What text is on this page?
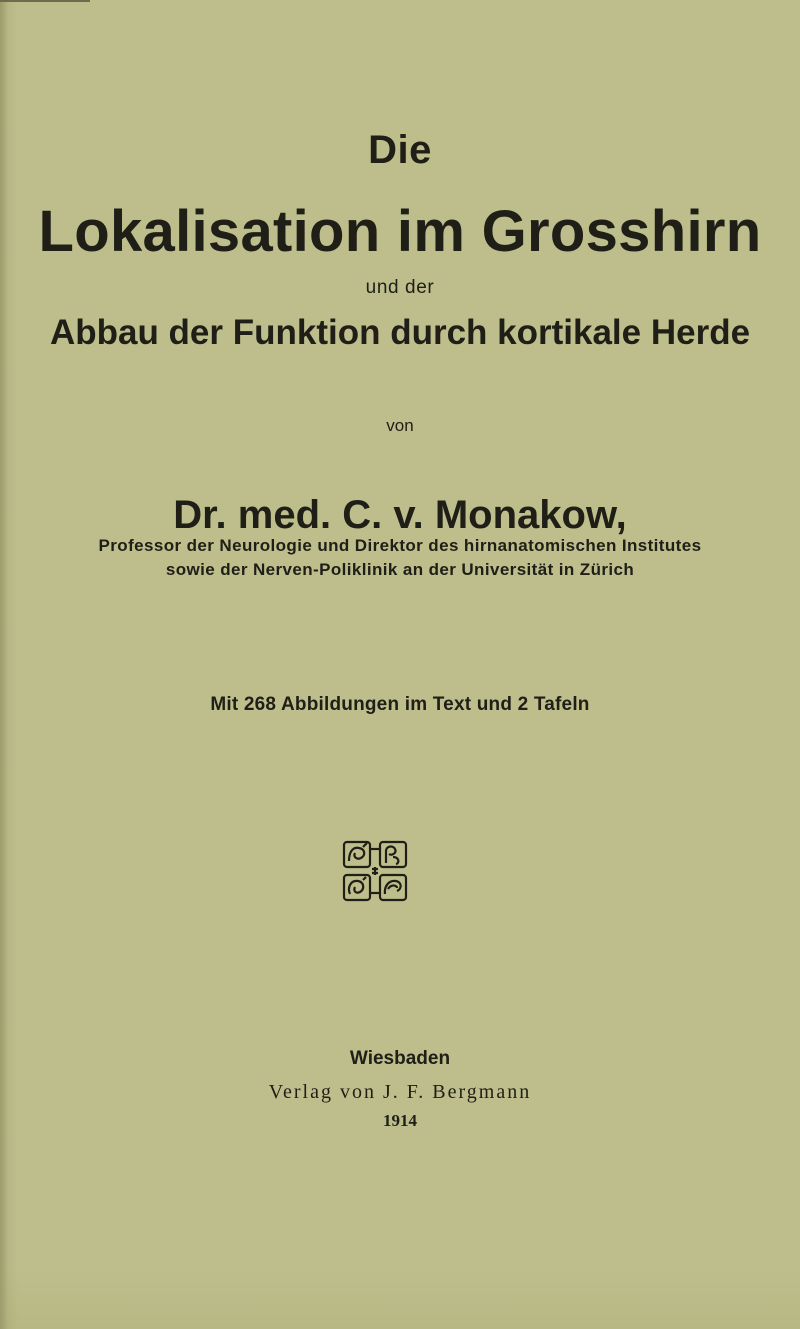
Die
Lokalisation im Grosshirn
und der
Abbau der Funktion durch kortikale Herde
von
Dr. med. C. v. Monakow,
Professor der Neurologie und Direktor des hirnanatomischen Institutes
sowie der Nerven-Poliklinik an der Universität in Zürich
Mit 268 Abbildungen im Text und 2 Tafeln
Wiesbaden
Verlag von J. F. Bergmann
1914
